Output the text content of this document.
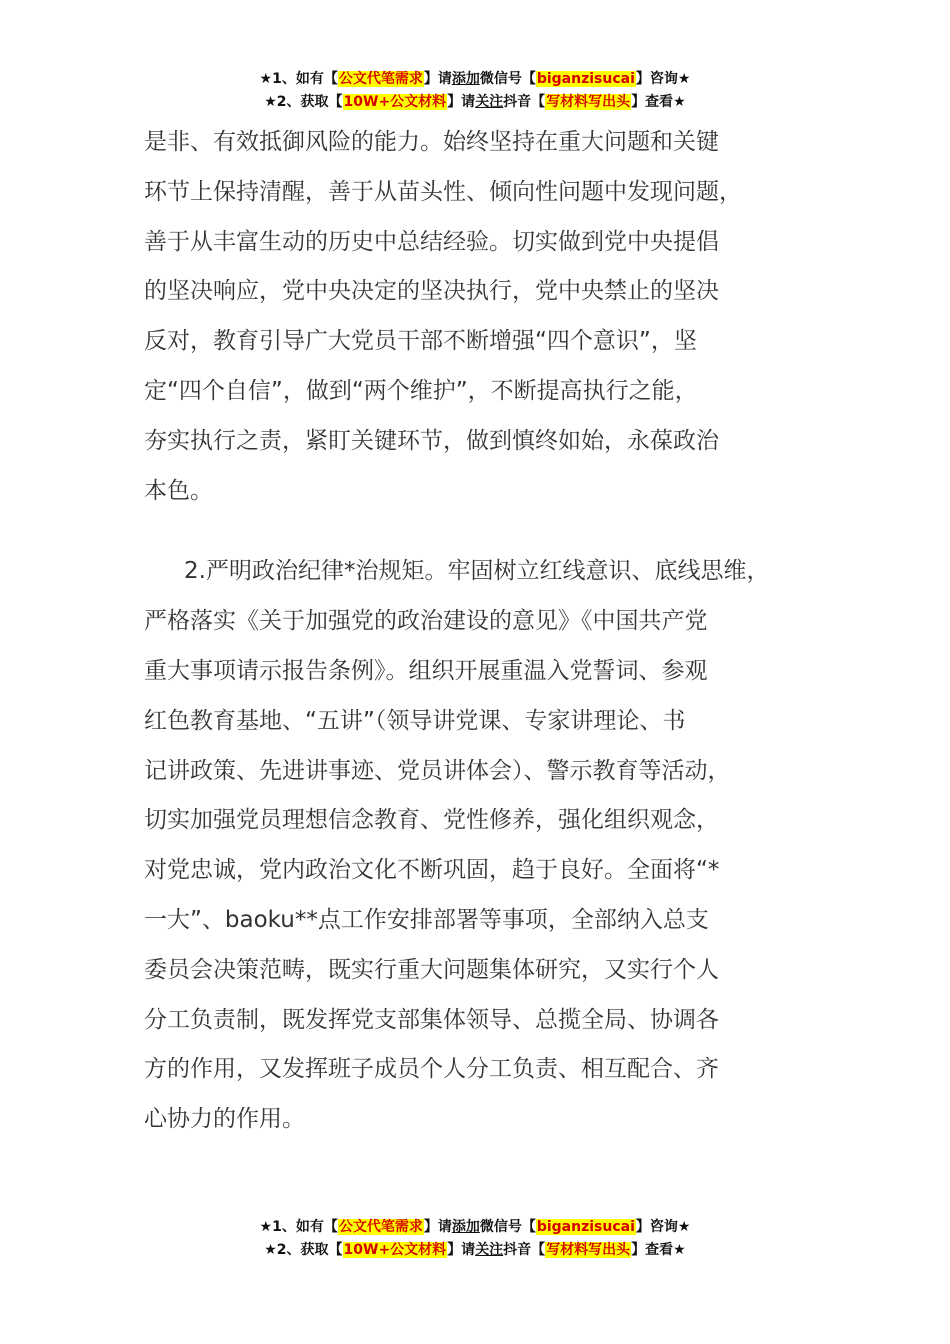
★1、如有【公文代笔需求】请添加微信号【biganzisucai】咨询★
★2、获取【10W+公文材料】请关注抖音【写材料写出头】查看★

是非、有效抵御风险的能力。始终坚持在重大问题和关键
环节上保持清醒，善于从苗头性、倾向性问题中发现问题，
善于从丰富生动的历史中总结经验。切实做到党中央提倡
的坚决响应，党中央决定的坚决执行，党中央禁止的坚决
反对，教育引导广大党员干部不断增强“四个意识”，坚
定“四个自信”，做到“两个维护”，不断提高执行之能，
夯实执行之责，紧盯关键环节，做到慎终如始，永葆政治
本色。

2.严明政治纪律*治规矩。牢固树立红线意识、底线思维，
严格落实《关于加强党的政治建设的意见》《中国共产党
重大事项请示报告条例》。组织开展重温入党誓词、参观
红色教育基地、“五讲”（领导讲党课、专家讲理论、书
记讲政策、先进讲事迹、党员讲体会）、警示教育等活动，
切实加强党员理想信念教育、党性修养，强化组织观念，
对党忠诚，党内政治文化不断巩固，趋于良好。全面将“*
一大”、baoku**点工作安排部署等事项，全部纳入总支
委员会决策范畴，既实行重大问题集体研究，又实行个人
分工负责制，既发挥党支部集体领导、总揽全局、协调各
方的作用，又发挥班子成员个人分工负责、相互配合、齐
心协力的作用。

★1、如有【公文代笔需求】请添加微信号【biganzisucai】咨询★
★2、获取【10W+公文材料】请关注抖音【写材料写出头】查看★
